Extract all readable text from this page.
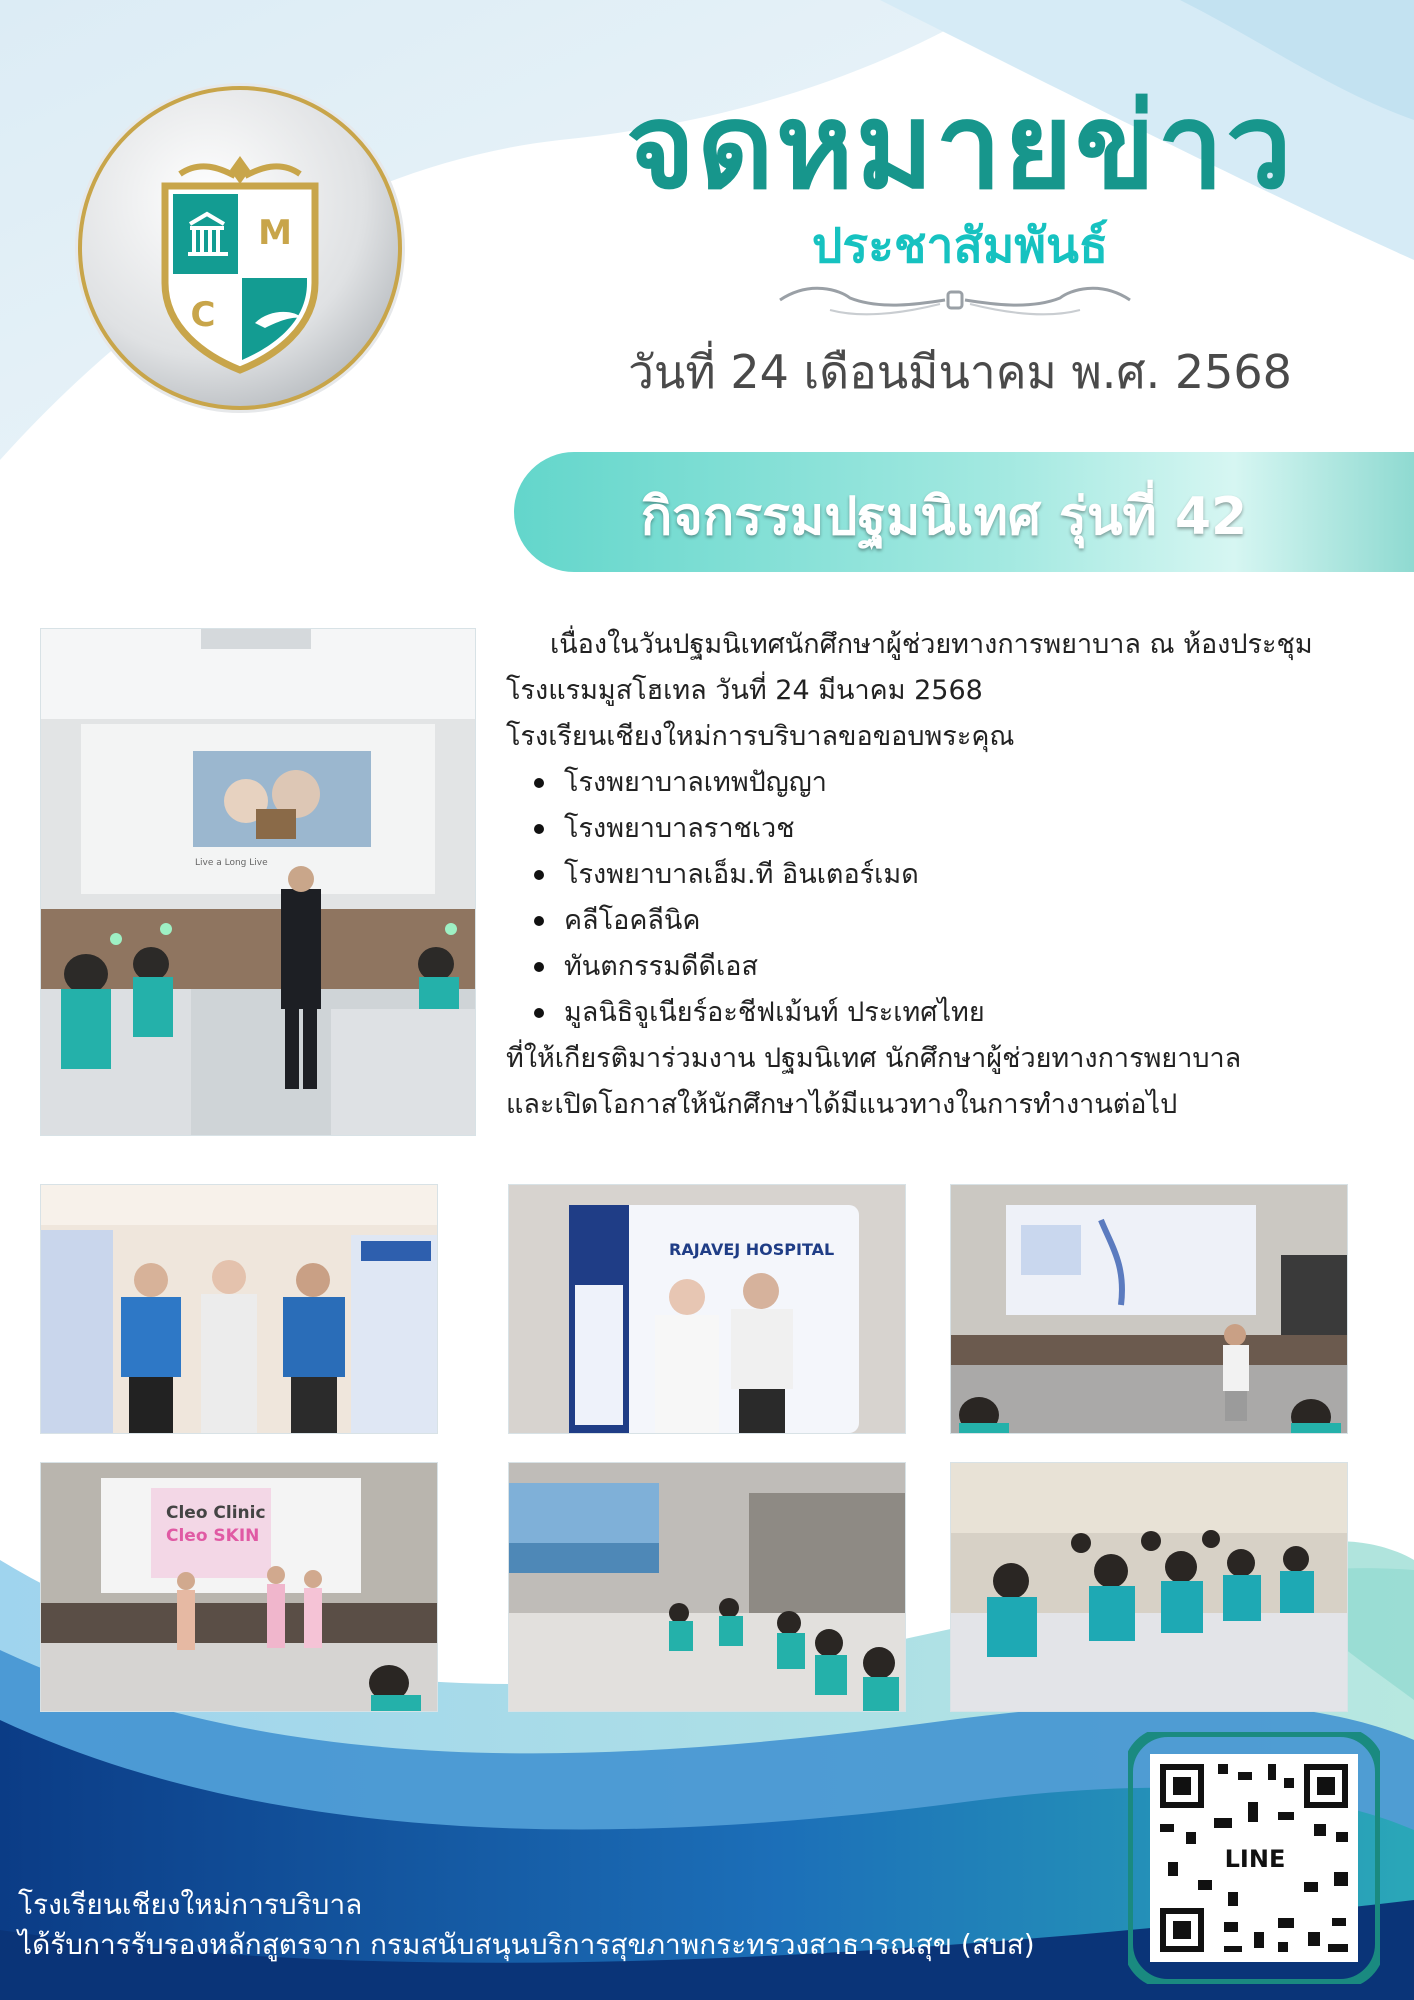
M
C
จดหมายข่าว
ประชาสัมพันธ์
วันที่ 24 เดือนมีนาคม พ.ศ. 2568
กิจกรรมปฐมนิเทศ รุ่นที่ 42
Live a Long Live

เนื่องในวันปฐมนิเทศนักศึกษาผู้ช่วยทางการพยาบาล ณ ห้องประชุม

โรงแรมมูสโฮเทล วันที่ 24 มีนาคม 2568

โรงเรียนเชียงใหม่การบริบาลขอขอบพระคุณ

โรงพยาบาลเทพปัญญา
โรงพยาบาลราชเวช
โรงพยาบาลเอ็ม.ที อินเตอร์เมด
คลีโอคลีนิค
ทันตกรรมดีดีเอส
มูลนิธิจูเนียร์อะชีฟเม้นท์ ประเทศไทย

ที่ให้เกียรติมาร่วมงาน ปฐมนิเทศ นักศึกษาผู้ช่วยทางการพยาบาล

และเปิดโอกาสให้นักศึกษาได้มีแนวทางในการทำงานต่อไป

RAJAVEJ HOSPITAL
Cleo Clinic
Cleo SKIN
LINE
โรงเรียนเชียงใหม่การบริบาล
ได้รับการรับรองหลักสูตรจาก กรมสนับสนุนบริการสุขภาพกระทรวงสาธารณสุข (สบส)
